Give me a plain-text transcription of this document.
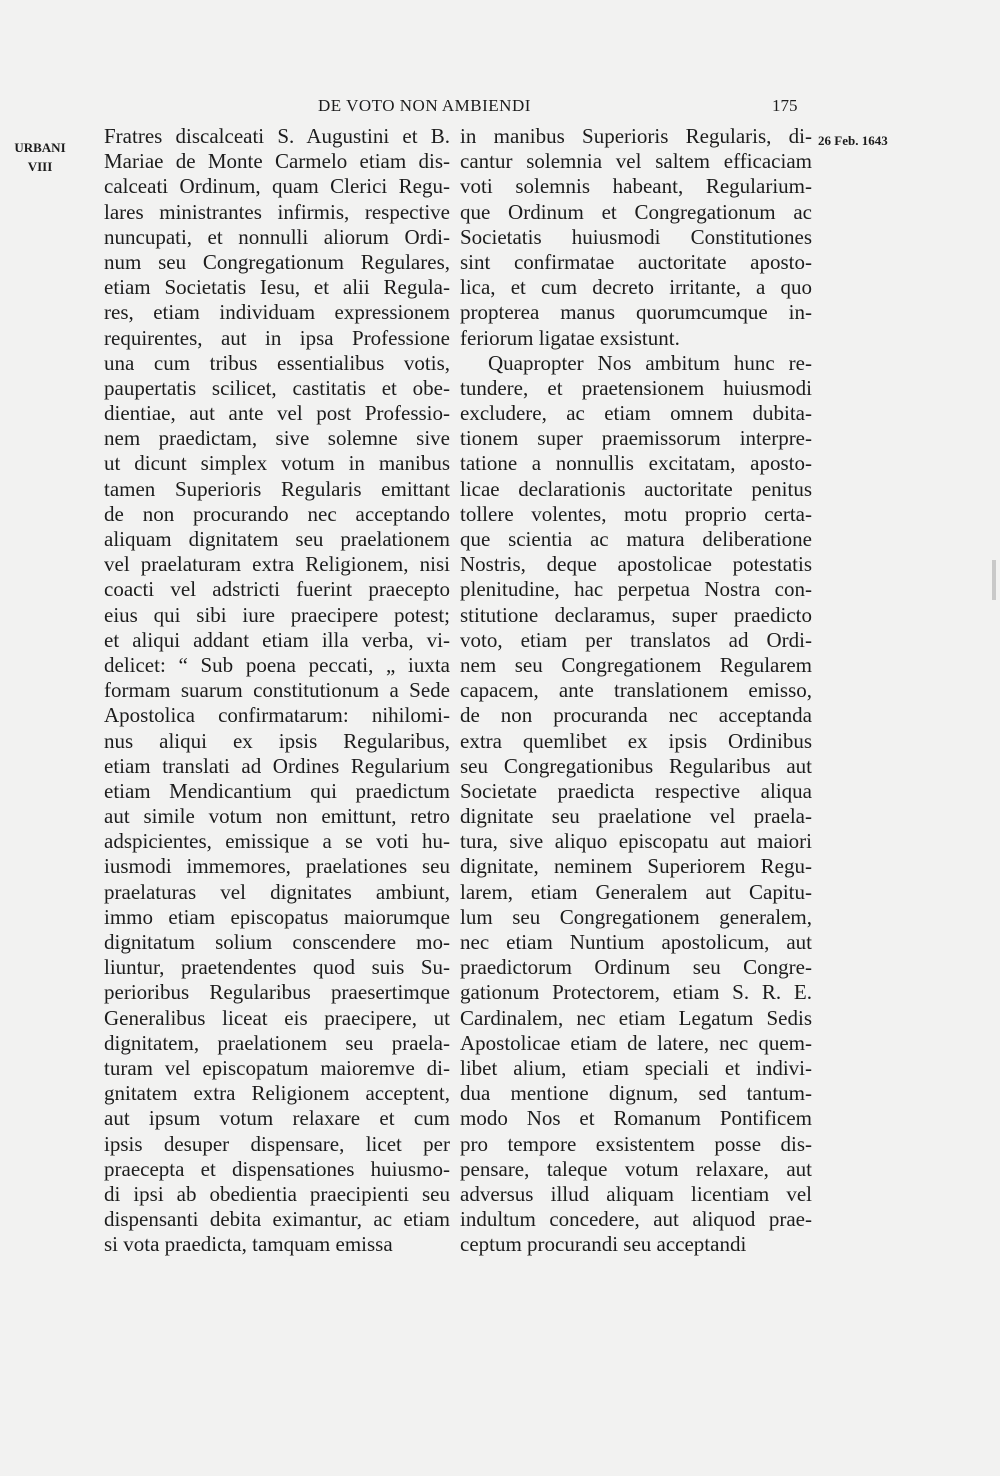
DE VOTO NON AMBIENDI	175
URBANI
VIII
26 Feb. 1643
Fratres discalceati S. Augustini et B.
Mariae de Monte Carmelo etiam dis-
calceati Ordinum, quam Clerici Regu-
lares ministrantes infirmis, respective
nuncupati, et nonnulli aliorum Ordi-
num seu Congregationum Regulares,
etiam Societatis Iesu, et alii Regula-
res, etiam individuam expressionem
requirentes, aut in ipsa Professione
una cum tribus essentialibus votis,
paupertatis scilicet, castitatis et obe-
dientiae, aut ante vel post Professio-
nem praedictam, sive solemne sive
ut dicunt simplex votum in manibus
tamen Superioris Regularis emittant
de non procurando nec acceptando
aliquam dignitatem seu praelationem
vel praelaturam extra Religionem, nisi
coacti vel adstricti fuerint praecepto
eius qui sibi iure praecipere potest;
et aliqui addant etiam illa verba, vi-
delicet: “ Sub poena peccati, „ iuxta
formam suarum constitutionum a Sede
Apostolica confirmatarum: nihilomi-
nus aliqui ex ipsis Regularibus,
etiam translati ad Ordines Regularium
etiam Mendicantium qui praedictum
aut simile votum non emittunt, retro
adspicientes, emissique a se voti hu-
iusmodi immemores, praelationes seu
praelaturas vel dignitates ambiunt,
immo etiam episcopatus maiorumque
dignitatum solium conscendere mo-
liuntur, praetendentes quod suis Su-
perioribus Regularibus praesertimque
Generalibus liceat eis praecipere, ut
dignitatem, praelationem seu praela-
turam vel episcopatum maioremve di-
gnitatem extra Religionem acceptent,
aut ipsum votum relaxare et cum
ipsis desuper dispensare, licet per
praecepta et dispensationes huiusmo-
di ipsi ab obedientia praecipienti seu
dispensanti debita eximantur, ac etiam
si vota praedicta, tamquam emissa
in manibus Superioris Regularis, di-
cantur solemnia vel saltem efficaciam
voti solemnis habeant, Regularium-
que Ordinum et Congregationum ac
Societatis huiusmodi Constitutiones
sint confirmatae auctoritate aposto-
lica, et cum decreto irritante, a quo
propterea manus quorumcumque in-
feriorum ligatae exsistunt.
Quapropter Nos ambitum hunc re-
tundere, et praetensionem huiusmodi
excludere, ac etiam omnem dubita-
tionem super praemissorum interpre-
tatione a nonnullis excitatam, aposto-
licae declarationis auctoritate penitus
tollere volentes, motu proprio certa-
que scientia ac matura deliberatione
Nostris, deque apostolicae potestatis
plenitudine, hac perpetua Nostra con-
stitutione declaramus, super praedicto
voto, etiam per translatos ad Ordi-
nem seu Congregationem Regularem
capacem, ante translationem emisso,
de non procuranda nec acceptanda
extra quemlibet ex ipsis Ordinibus
seu Congregationibus Regularibus aut
Societate praedicta respective aliqua
dignitate seu praelatione vel praela-
tura, sive aliquo episcopatu aut maiori
dignitate, neminem Superiorem Regu-
larem, etiam Generalem aut Capitu-
lum seu Congregationem generalem,
nec etiam Nuntium apostolicum, aut
praedictorum Ordinum seu Congre-
gationum Protectorem, etiam S. R. E.
Cardinalem, nec etiam Legatum Sedis
Apostolicae etiam de latere, nec quem-
libet alium, etiam speciali et indivi-
dua mentione dignum, sed tantum-
modo Nos et Romanum Pontificem
pro tempore exsistentem posse dis-
pensare, taleque votum relaxare, aut
adversus illud aliquam licentiam vel
indultum concedere, aut aliquod prae-
ceptum procurandi seu acceptandi
